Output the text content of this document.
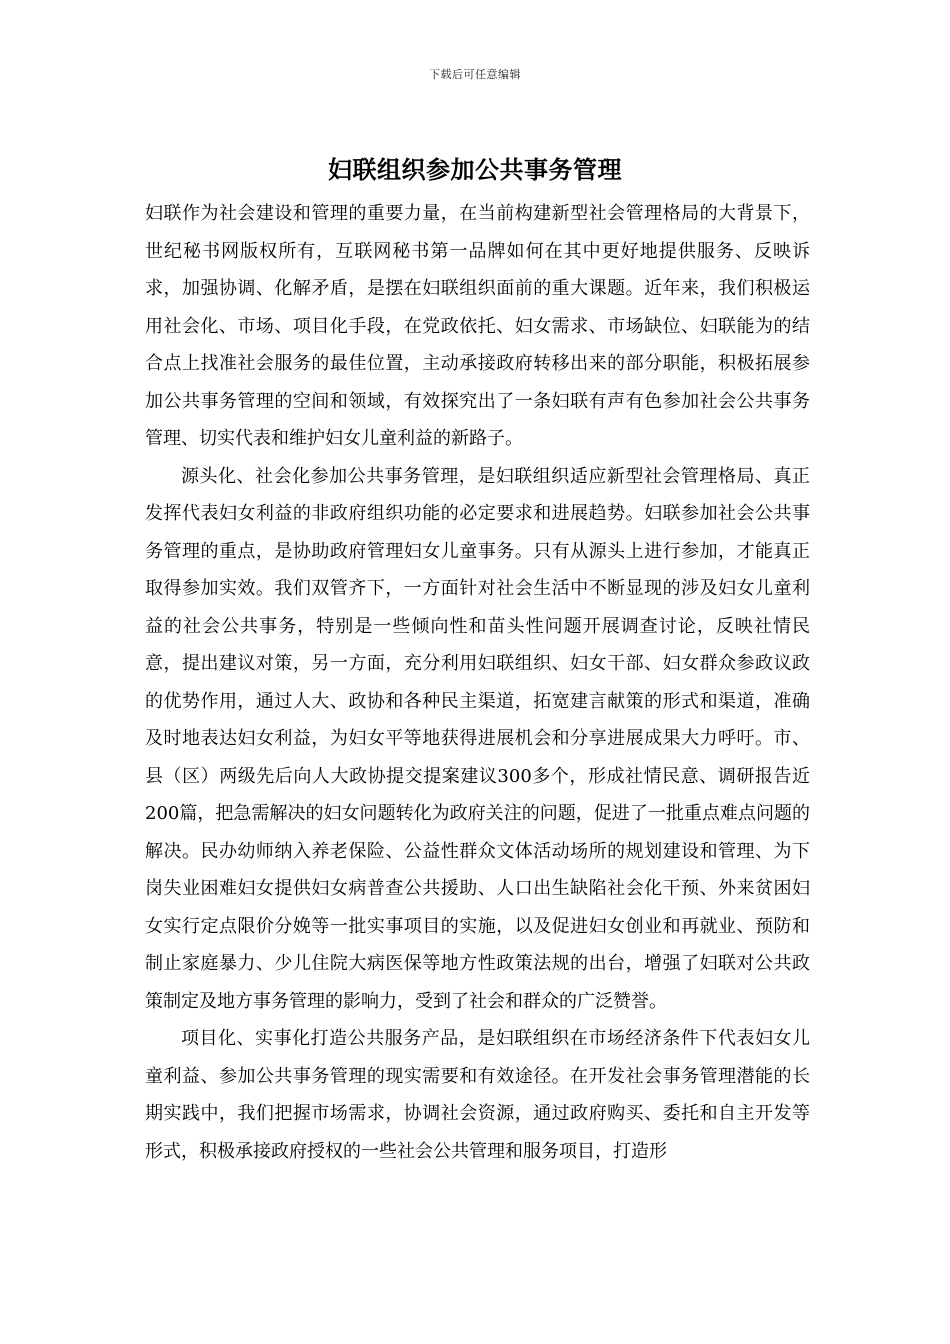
下载后可任意编辑
妇联组织参加公共事务管理

妇联作为社会建设和管理的重要力量，在当前构建新型社会管理格局的大背景下，世纪秘书网版权所有，互联网秘书第一品牌如何在其中更好地提供服务、反映诉求，加强协调、化解矛盾，是摆在妇联组织面前的重大课题。近年来，我们积极运用社会化、市场、项目化手段，在党政依托、妇女需求、市场缺位、妇联能为的结合点上找准社会服务的最佳位置，主动承接政府转移出来的部分职能，积极拓展参加公共事务管理的空间和领域，有效探究出了一条妇联有声有色参加社会公共事务管理、切实代表和维护妇女儿童利益的新路子。

源头化、社会化参加公共事务管理，是妇联组织适应新型社会管理格局、真正发挥代表妇女利益的非政府组织功能的必定要求和进展趋势。妇联参加社会公共事务管理的重点，是协助政府管理妇女儿童事务。只有从源头上进行参加，才能真正取得参加实效。我们双管齐下，一方面针对社会生活中不断显现的涉及妇女儿童利益的社会公共事务，特别是一些倾向性和苗头性问题开展调查讨论，反映社情民意，提出建议对策，另一方面，充分利用妇联组织、妇女干部、妇女群众参政议政的优势作用，通过人大、政协和各种民主渠道，拓宽建言献策的形式和渠道，准确及时地表达妇女利益，为妇女平等地获得进展机会和分享进展成果大力呼吁。市、县（区）两级先后向人大政协提交提案建议300多个，形成社情民意、调研报告近200篇，把急需解决的妇女问题转化为政府关注的问题，促进了一批重点难点问题的解决。民办幼师纳入养老保险、公益性群众文体活动场所的规划建设和管理、为下岗失业困难妇女提供妇女病普查公共援助、人口出生缺陷社会化干预、外来贫困妇女实行定点限价分娩等一批实事项目的实施，以及促进妇女创业和再就业、预防和制止家庭暴力、少儿住院大病医保等地方性政策法规的出台，增强了妇联对公共政策制定及地方事务管理的影响力，受到了社会和群众的广泛赞誉。

项目化、实事化打造公共服务产品，是妇联组织在市场经济条件下代表妇女儿童利益、参加公共事务管理的现实需要和有效途径。在开发社会事务管理潜能的长期实践中，我们把握市场需求，协调社会资源，通过政府购买、委托和自主开发等形式，积极承接政府授权的一些社会公共管理和服务项目，打造形
